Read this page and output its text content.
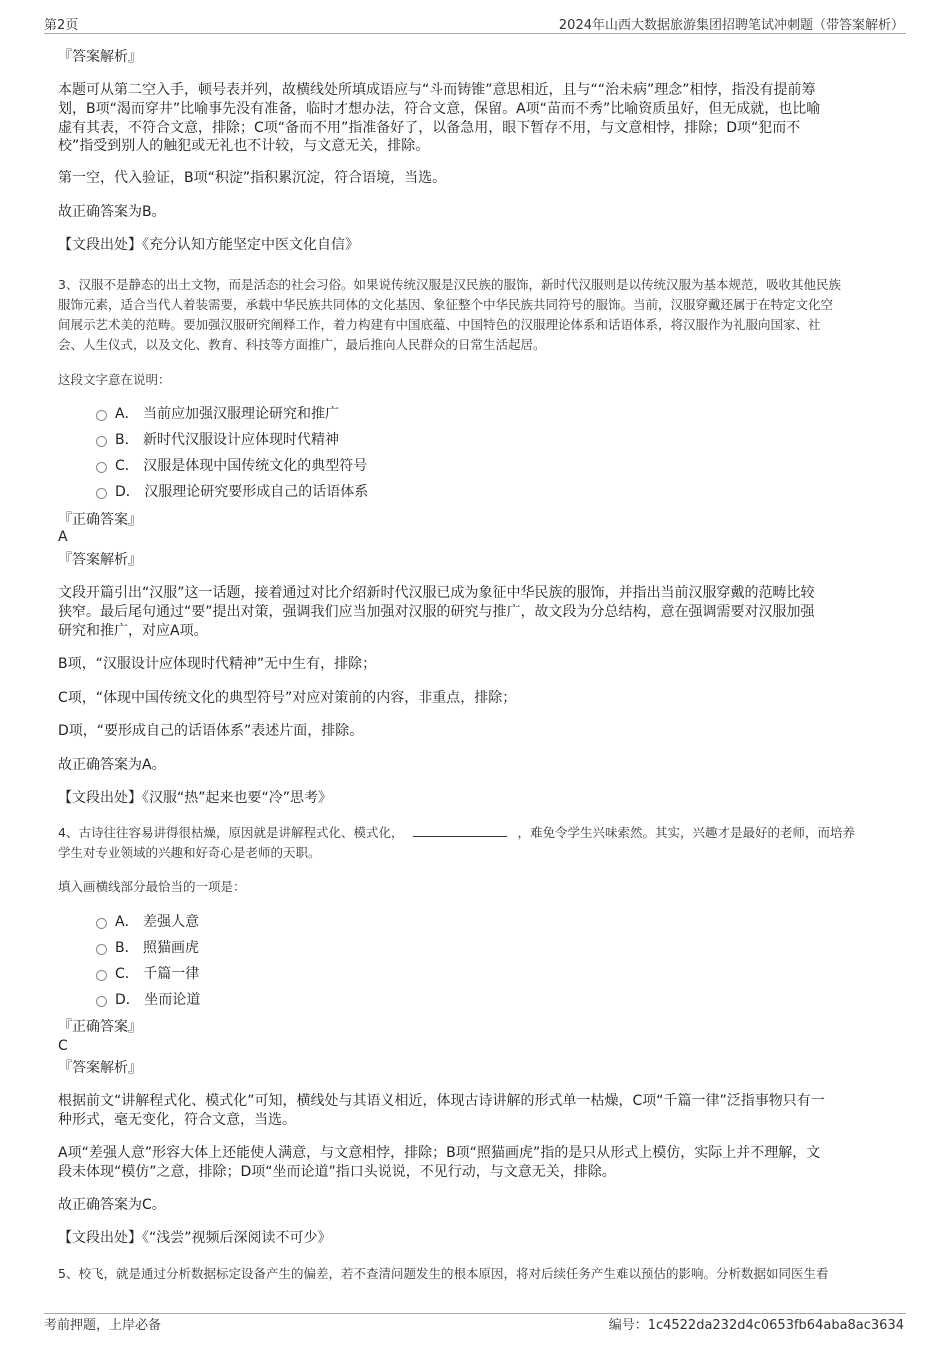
第2页	2024年山西大数据旅游集团招聘笔试冲刺题（带答案解析）
『答案解析』
本题可从第二空入手，顿号表并列，故横线处所填成语应与“斗而铸锥”意思相近，且与““治未病”理念”相悖，指没有提前筹
划，B项“渴而穿井”比喻事先没有准备，临时才想办法，符合文意，保留。A项“苗而不秀”比喻资质虽好，但无成就，也比喻
虚有其表，不符合文意，排除；C项“备而不用”指准备好了，以备急用，眼下暂存不用，与文意相悖，排除；D项“犯而不
校”指受到别人的触犯或无礼也不计较，与文意无关，排除。
第一空，代入验证，B项“积淀”指积累沉淀，符合语境，当选。
故正确答案为B。
【文段出处】《充分认知方能坚定中医文化自信》
3、汉服不是静态的出土文物，而是活态的社会习俗。如果说传统汉服是汉民族的服饰，新时代汉服则是以传统汉服为基本规范，吸收其他民族
服饰元素，适合当代人着装需要，承载中华民族共同体的文化基因、象征整个中华民族共同符号的服饰。当前，汉服穿戴还属于在特定文化空
间展示艺术美的范畴。要加强汉服研究阐释工作，着力构建有中国底蕴、中国特色的汉服理论体系和话语体系，将汉服作为礼服向国家、社
会、人生仪式，以及文化、教育、科技等方面推广，最后推向人民群众的日常生活起居。
这段文字意在说明：
A． 当前应加强汉服理论研究和推广
B． 新时代汉服设计应体现时代精神
C． 汉服是体现中国传统文化的典型符号
D． 汉服理论研究要形成自己的话语体系
『正确答案』
A
『答案解析』
文段开篇引出“汉服”这一话题，接着通过对比介绍新时代汉服已成为象征中华民族的服饰，并指出当前汉服穿戴的范畴比较
狭窄。最后尾句通过“要”提出对策，强调我们应当加强对汉服的研究与推广，故文段为分总结构，意在强调需要对汉服加强
研究和推广，对应A项。
B项，“汉服设计应体现时代精神”无中生有，排除；
C项，“体现中国传统文化的典型符号”对应对策前的内容，非重点，排除；
D项，“要形成自己的话语体系”表述片面，排除。
故正确答案为A。
【文段出处】《汉服“热”起来也要“冷”思考》
4、古诗往往容易讲得很枯燥，原因就是讲解程式化、模式化，	，难免令学生兴味索然。其实，兴趣才是最好的老师，而培养
学生对专业领域的兴趣和好奇心是老师的天职。
填入画横线部分最恰当的一项是：
A． 差强人意
B． 照猫画虎
C． 千篇一律
D． 坐而论道
『正确答案』
C
『答案解析』
根据前文“讲解程式化、模式化”可知，横线处与其语义相近，体现古诗讲解的形式单一枯燥，C项“千篇一律”泛指事物只有一
种形式，毫无变化，符合文意，当选。
A项“差强人意”形容大体上还能使人满意，与文意相悖，排除；B项“照猫画虎”指的是只从形式上模仿，实际上并不理解，文
段未体现“模仿”之意，排除；D项“坐而论道”指口头说说，不见行动，与文意无关，排除。
故正确答案为C。
【文段出处】《“浅尝”视频后深阅读不可少》
5、校飞，就是通过分析数据标定设备产生的偏差，若不查清问题发生的根本原因，将对后续任务产生难以预估的影响。分析数据如同医生看
考前押题，上岸必备	编号：1c4522da232d4c0653fb64aba8ac3634
